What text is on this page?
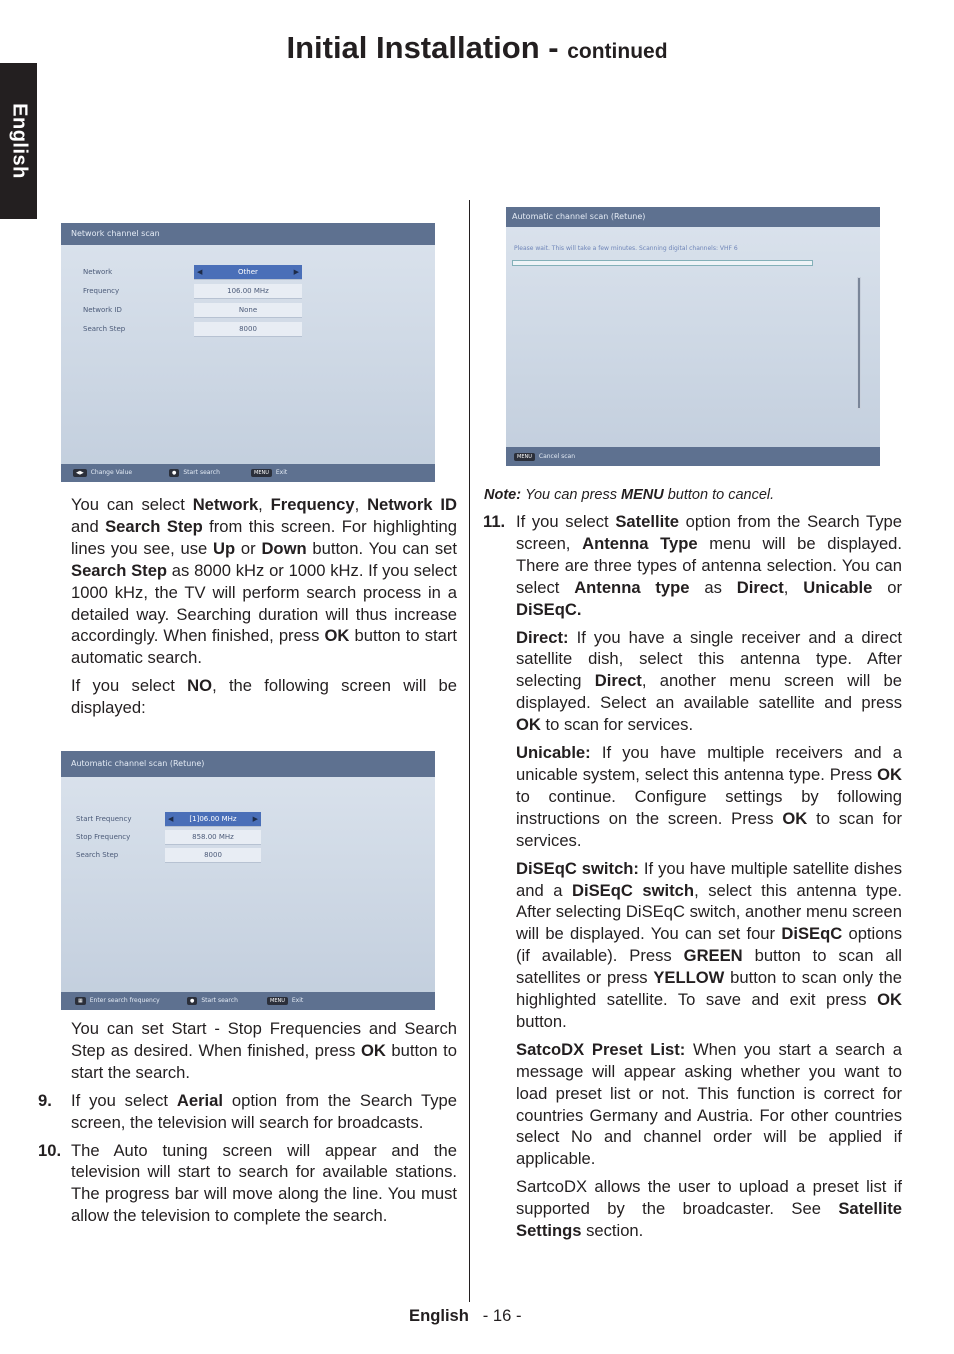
Initial Installation - continued
English
Network channel scan
Network	◀	Other	▶
Frequency	106.00 MHz
Network ID	None
Search Step	8000
◀▶ Change Value	● Start search	MENU Exit
Automatic channel scan (Retune)
Start Frequency	◀ [1]06.00 MHz ▶
Stop Frequency	858.00 MHz
Search Step	8000
▦ Enter search frequency	● Start search	MENU Exit
Automatic channel scan (Retune)
Please wait. This will take a few minutes. Scanning digital channels: VHF 6
MENU Cancel scan

You can select Network, Frequency, Network ID and Search Step from this screen. For highlighting lines you see, use Up or Down button. You can set Search Step as 8000 kHz or 1000 kHz. If you select 1000 kHz, the TV will perform search process in a detailed way. Searching duration will thus increase accordingly. When finished, press OK button to start automatic search.

If you select NO, the following screen will be displayed:

You can set Start - Stop Frequencies and Search Step as desired. When finished, press OK button to start the search.

9. If you select Aerial option from the Search Type screen, the television will search for broadcasts.

10. The Auto tuning screen will appear and the television will start to search for available stations. The progress bar will move along the line. You must allow the television to complete the search.

Note: You can press MENU button to cancel.

11. If you select Satellite option from the Search Type screen, Antenna Type menu will be displayed. There are three types of antenna selection. You can select Antenna type as Direct, Unicable or DiSEqC.

Direct: If you have a single receiver and a direct satellite dish, select this antenna type. After selecting Direct, another menu screen will be displayed. Select an available satellite and press OK to scan for services.

Unicable: If you have multiple receivers and a unicable system, select this antenna type. Press OK to continue. Configure settings by following instructions on the screen. Press OK to scan for services.

DiSEqC switch: If you have multiple satellite dishes and a DiSEqC switch, select this antenna type. After selecting DiSEqC switch, another menu screen will be displayed. You can set four DiSEqC options (if available). Press GREEN button to scan all satellites or press YELLOW button to scan only the highlighted satellite. To save and exit press OK button.

SatcoDX Preset List: When you start a search a message will appear asking whether you want to load preset list or not. This function is correct for countries Germany and Austria. For other countries select No and channel order will be applied if applicable.

SartcoDX allows the user to upload a preset list if supported by the broadcaster. See Satellite Settings section.

English - 16 -
